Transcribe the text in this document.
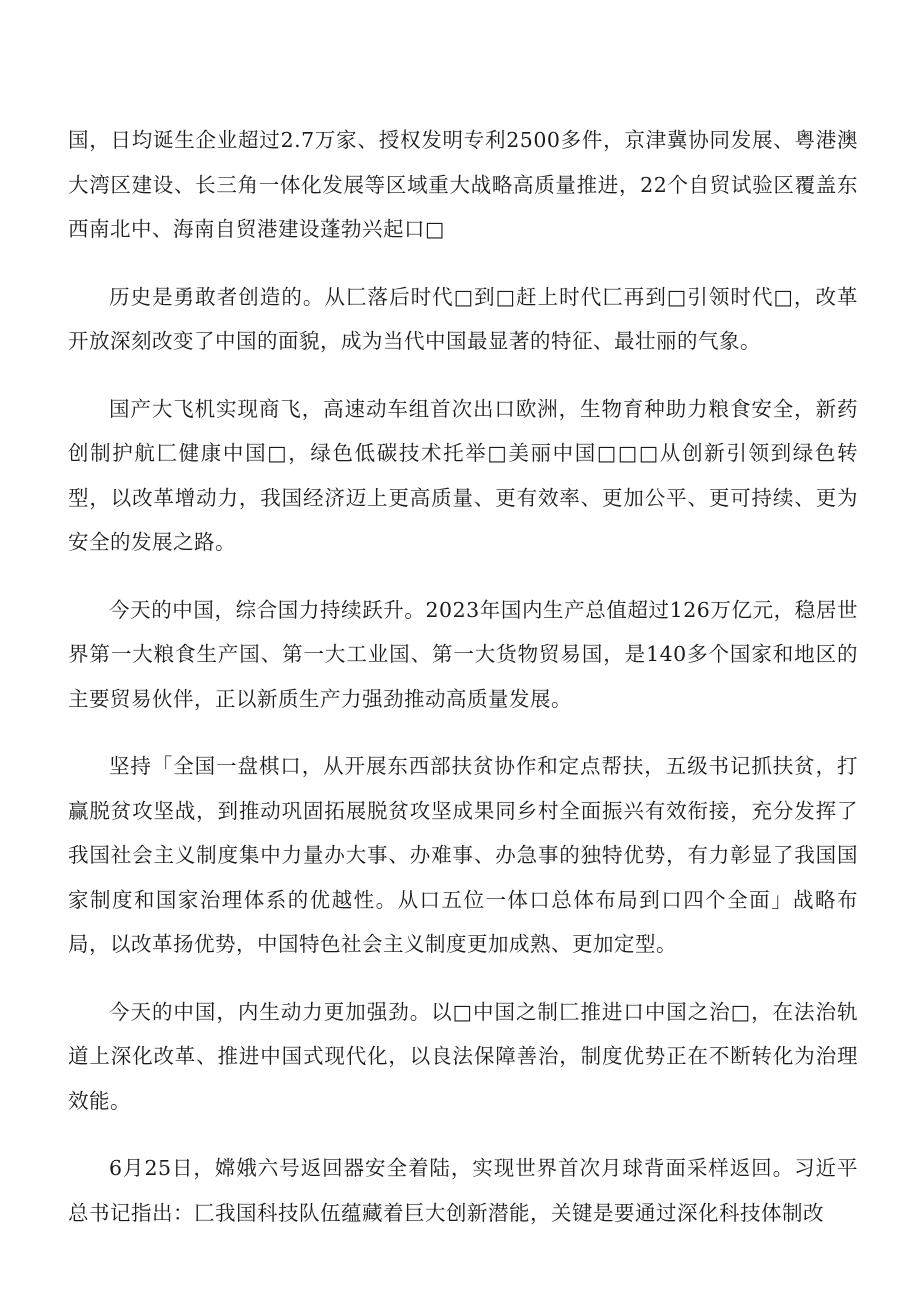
国，日均诞生企业超过2.7万家、授权发明专利2500多件，京津冀协同发展、粤港澳大湾区建设、长三角一体化发展等区域重大战略高质量推进，22个自贸试验区覆盖东西南北中、海南自贸港建设蓬勃兴起口□

历史是勇敢者创造的。从匚落后时代□到□赶上时代匚再到□引领时代□，改革开放深刻改变了中国的面貌，成为当代中国最显著的特征、最壮丽的气象。

国产大飞机实现商飞，高速动车组首次出口欧洲，生物育种助力粮食安全，新药创制护航匚健康中国□，绿色低碳技术托举□美丽中国□□□从创新引领到绿色转型，以改革增动力，我国经济迈上更高质量、更有效率、更加公平、更可持续、更为安全的发展之路。

今天的中国，综合国力持续跃升。2023年国内生产总值超过126万亿元，稳居世界第一大粮食生产国、第一大工业国、第一大货物贸易国，是140多个国家和地区的主要贸易伙伴，正以新质生产力强劲推动高质量发展。

坚持「全国一盘棋口，从开展东西部扶贫协作和定点帮扶，五级书记抓扶贫，打赢脱贫攻坚战，到推动巩固拓展脱贫攻坚成果同乡村全面振兴有效衔接，充分发挥了我国社会主义制度集中力量办大事、办难事、办急事的独特优势，有力彰显了我国国家制度和国家治理体系的优越性。从口五位一体口总体布局到口四个全面」战略布局，以改革扬优势，中国特色社会主义制度更加成熟、更加定型。

今天的中国，内生动力更加强劲。以□中国之制匚推进口中国之治□，在法治轨道上深化改革、推进中国式现代化，以良法保障善治，制度优势正在不断转化为治理效能。

6月25日，嫦娥六号返回器安全着陆，实现世界首次月球背面采样返回。习近平总书记指出：匚我国科技队伍蕴藏着巨大创新潜能，关键是要通过深化科技体制改
